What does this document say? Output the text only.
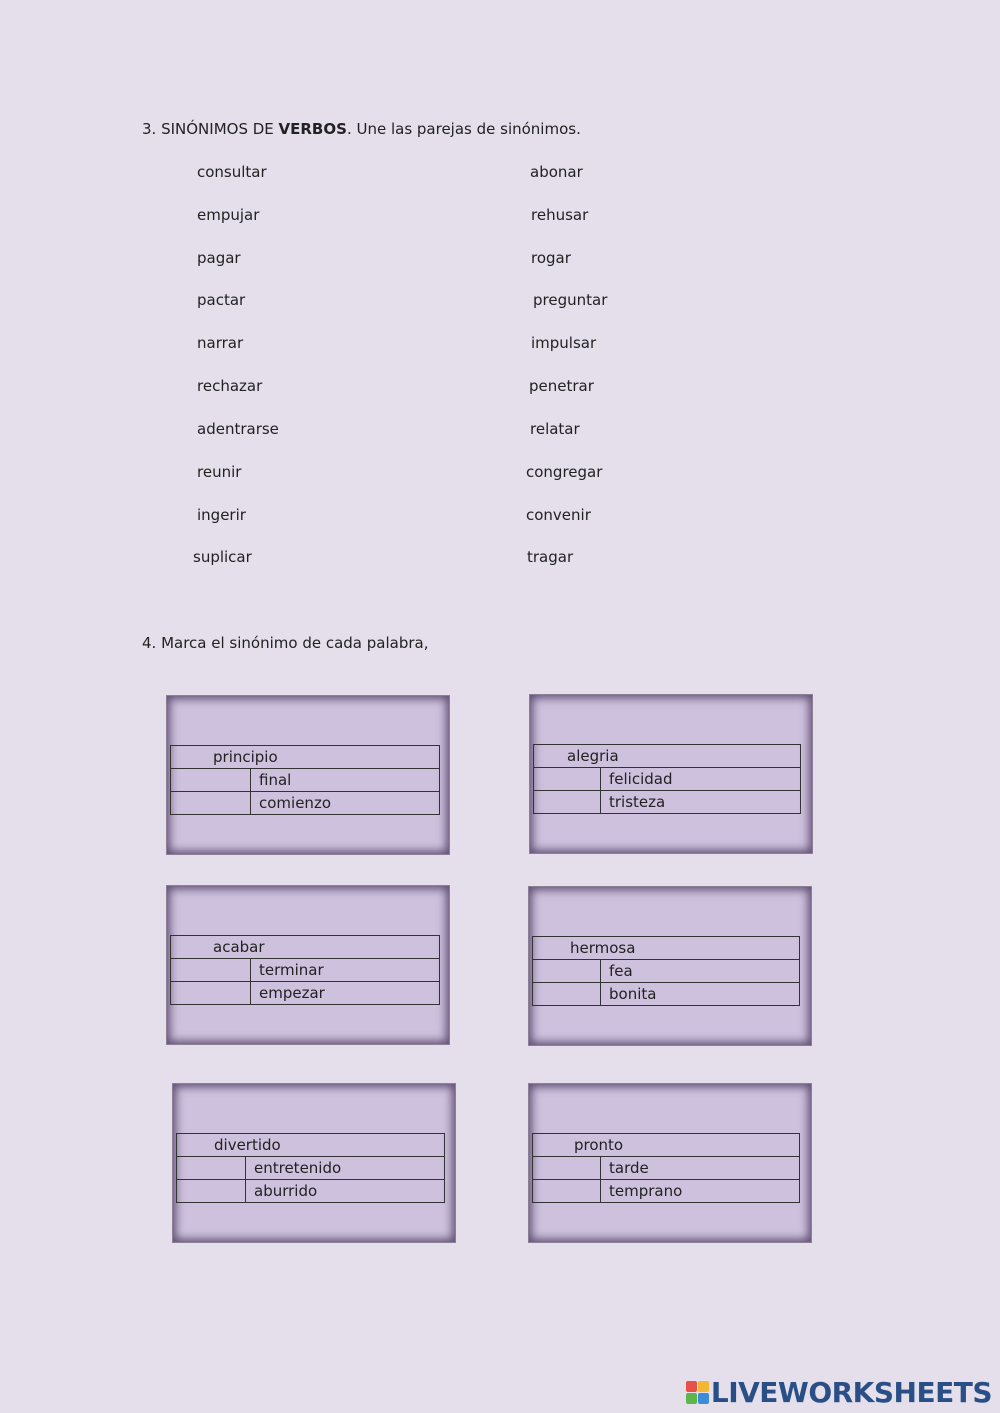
3. SINÓNIMOS DE VERBOS. Une las parejas de sinónimos.
consultar
empujar
pagar
pactar
narrar
rechazar
adentrarse
reunir
ingerir
suplicar
abonar
rehusar
rogar
preguntar
impulsar
penetrar
relatar
congregar
convenir
tragar
4. Marca el sinónimo de cada palabra,
principio	
	final
	comienzo
alegria	
	felicidad
	tristeza
acabar	
	terminar
	empezar
hermosa	
	fea
	bonita
divertido	
	entretenido
	aburrido
pronto	
	tarde
	temprano
LIVEWORKSHEETS
